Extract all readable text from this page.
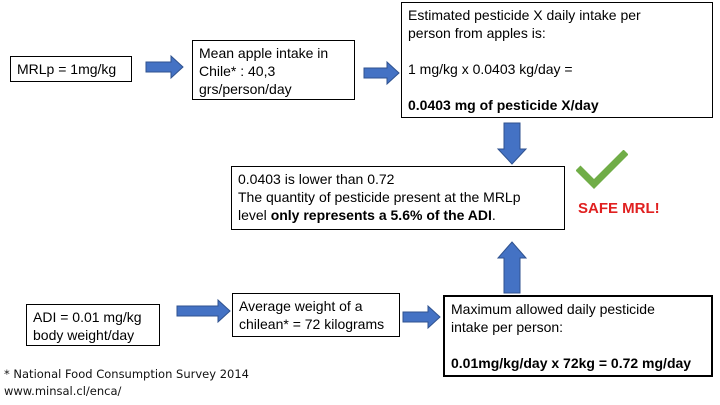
MRLp = 1mg/kg
Mean apple intake in
Chile* : 40,3
grs/person/day
Estimated pesticide X daily intake per
person from apples is:
1 mg/kg x 0.0403 kg/day =
0.0403 mg of pesticide X/day
0.0403 is lower than 0.72
The quantity of pesticide present at the MRLp
level only represents a 5.6% of the ADI.	SAFE MRL!
ADI = 0.01 mg/kg
body weight/day
Average weight of a
chilean* = 72 kilograms
Maximum allowed daily pesticide
intake per person:
0.01mg/kg/day x 72kg = 0.72 mg/day
* National Food Consumption Survey 2014
www.minsal.cl/enca/
